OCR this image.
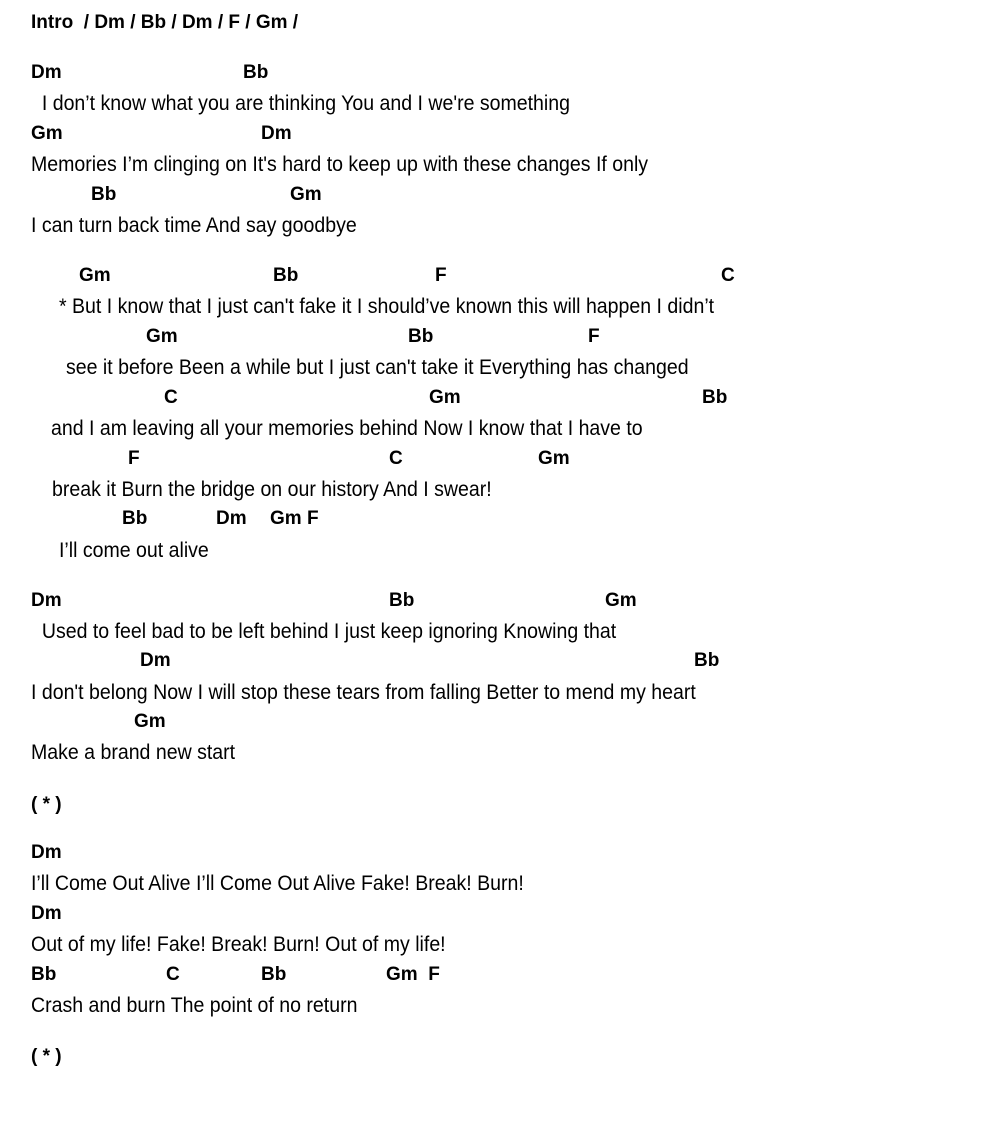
Intro  / Dm / Bb / Dm / F / Gm /
Dm	Bb
I don’t know what you are thinking You and I we're something
Gm	Dm
Memories I’m clinging on It's hard to keep up with these changes If only
Bb	Gm
I can turn back time And say goodbye
Gm	Bb	F	C
* But I know that I just can't fake it I should’ve known this will happen I didn’t
Gm	Bb	F
see it before Been a while but I just can't take it Everything has changed
C	Gm	Bb
and I am leaving all your memories behind Now I know that I have to
F	C	Gm
break it Burn the bridge on our history And I swear!
Bb	Dm Gm F
I’ll come out alive
Dm	Bb	Gm
Used to feel bad to be left behind I just keep ignoring Knowing that
Dm	Bb
I don't belong Now I will stop these tears from falling Better to mend my heart
Gm
Make a brand new start
( * )
Dm
I’ll Come Out Alive I’ll Come Out Alive Fake! Break! Burn!
Dm
Out of my life! Fake! Break! Burn! Out of my life!
Bb	C	Bb	Gm  F
Crash and burn The point of no return
( * )
